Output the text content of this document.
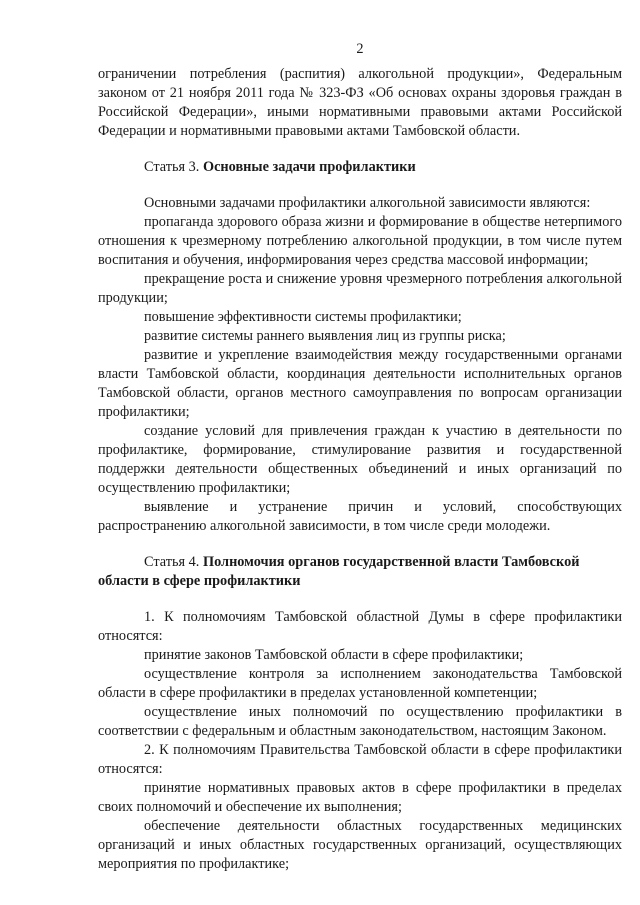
2

ограничении потребления (распития) алкогольной продукции», Федеральным законом от 21 ноября 2011 года № 323-ФЗ «Об основах охраны здоровья граждан в Российской Федерации», иными нормативными правовыми актами Российской Федерации и нормативными правовыми актами Тамбовской области.

Статья 3. Основные задачи профилактики

Основными задачами профилактики алкогольной зависимости являются:

пропаганда здорового образа жизни и формирование в обществе нетерпимого отношения к чрезмерному потреблению алкогольной продукции, в том числе путем воспитания и обучения, информирования через средства массовой информации;

прекращение роста и снижение уровня чрезмерного потребления алкогольной продукции;

повышение эффективности системы профилактики;

развитие системы раннего выявления лиц из группы риска;

развитие и укрепление взаимодействия между государственными органами власти Тамбовской области, координация деятельности исполнительных органов Тамбовской области, органов местного самоуправления по вопросам организации профилактики;

создание условий для привлечения граждан к участию в деятельности по профилактике, формирование, стимулирование развития и государственной поддержки деятельности общественных объединений и иных организаций по осуществлению профилактики;

выявление и устранение причин и условий, способствующих распространению алкогольной зависимости, в том числе среди молодежи.

Статья 4. Полномочия органов государственной власти Тамбовской области в сфере профилактики

1. К полномочиям Тамбовской областной Думы в сфере профилактики относятся:

принятие законов Тамбовской области в сфере профилактики;

осуществление контроля за исполнением законодательства Тамбовской области в сфере профилактики в пределах установленной компетенции;

осуществление иных полномочий по осуществлению профилактики в соответствии с федеральным и областным законодательством, настоящим Законом.

2. К полномочиям Правительства Тамбовской области в сфере профилактики относятся:

принятие нормативных правовых актов в сфере профилактики в пределах своих полномочий и обеспечение их выполнения;

обеспечение деятельности областных государственных медицинских организаций и иных областных государственных организаций, осуществляющих мероприятия по профилактике;
